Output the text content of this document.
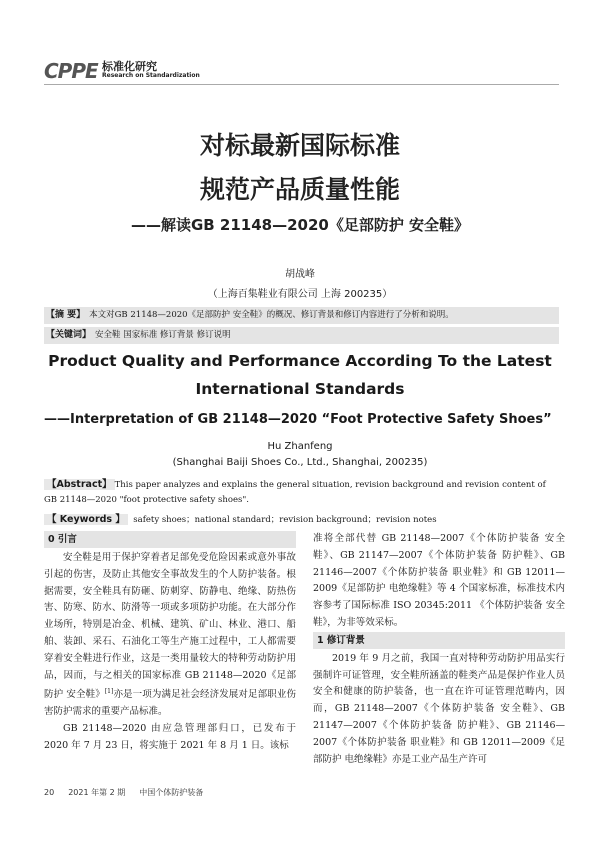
CPPE 标准化研究
Research on Standardization
对标最新国际标准
规范产品质量性能
——解读GB 21148—2020《足部防护 安全鞋》
胡战峰
（上海百集鞋业有限公司 上海 200235）
【摘 要】 本文对GB 21148—2020《足部防护 安全鞋》的概况、修订背景和修订内容进行了分析和说明。
【关键词】 安全鞋 国家标准 修订背景 修订说明
Product Quality and Performance According To the Latest
International Standards
——Interpretation of GB 21148—2020 “Foot Protective Safety Shoes”
Hu Zhanfeng
(Shanghai Baiji Shoes Co., Ltd., Shanghai, 200235)
【Abstract】 This paper analyzes and explains the general situation, revision background and revision content of GB 21148—2020 "foot protective safety shoes".
【 Keywords 】 safety shoes；national standard；revision background；revision notes
0 引言

安全鞋是用于保护穿着者足部免受危险因素或意外事故引起的伤害，及防止其他安全事故发生的个人防护装备。根据需要，安全鞋具有防砸、防刺穿、防静电、绝缘、防热伤害、防寒、防水、防滑等一项或多项防护功能。在大部分作业场所，特别是冶金、机械、建筑、矿山、林业、港口、船舶、装卸、采石、石油化工等生产施工过程中，工人都需要穿着安全鞋进行作业，这是一类用量较大的特种劳动防护用品，因而，与之相关的国家标准 GB 21148—2020《足部防护 安全鞋》[1]亦是一项为满足社会经济发展对足部职业伤害防护需求的重要产品标准。

GB 21148—2020 由应急管理部归口，已发布于 2020 年 7 月 23 日，将实施于 2021 年 8 月 1 日。该标

准将全部代替 GB 21148—2007《个体防护装备 安全鞋》、GB 21147—2007《个体防护装备 防护鞋》、GB 21146—2007《个体防护装备 职业鞋》和 GB 12011—2009《足部防护 电绝缘鞋》等 4 个国家标准，标准技术内容参考了国际标准 ISO 20345:2011 《个体防护装备 安全鞋》，为非等效采标。

1 修订背景

2019 年 9 月之前，我国一直对特种劳动防护用品实行强制许可证管理，安全鞋所涵盖的鞋类产品是保护作业人员安全和健康的防护装备，也一直在许可证管理范畴内，因而，GB 21148—2007《个体防护装备 安全鞋》、GB 21147—2007《个体防护装备 防护鞋》、GB 21146—2007《个体防护装备 职业鞋》和 GB 12011—2009《足部防护 电绝缘鞋》亦是工业产品生产许可

20 2021 年第 2 期 中国个体防护装备
